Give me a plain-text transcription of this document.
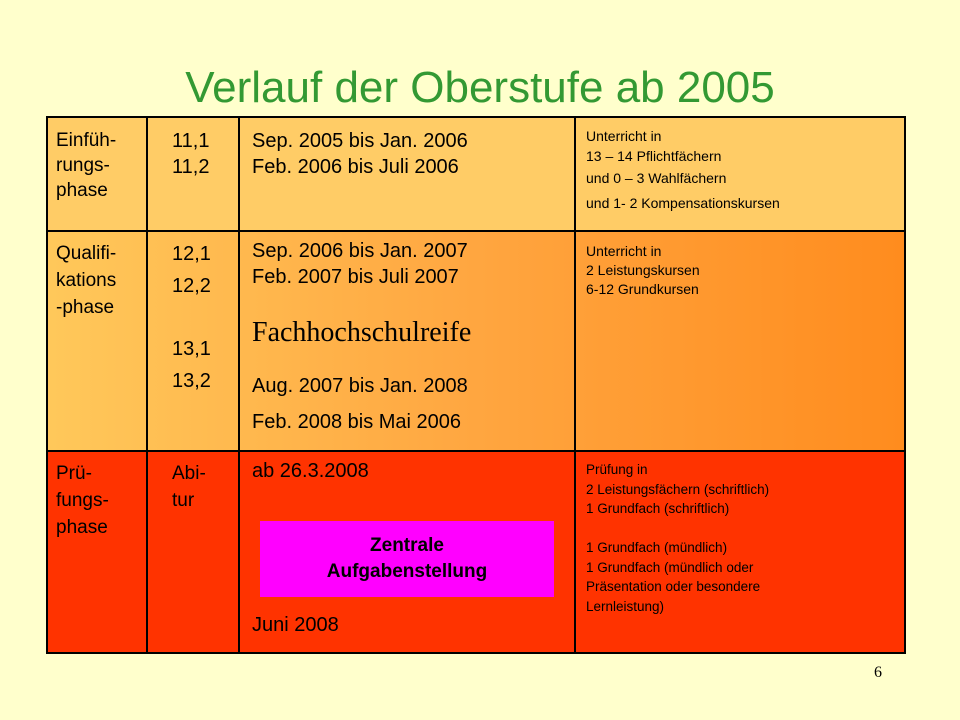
Verlauf der Oberstufe ab 2005
Einfüh-
rungs-
phase
11,1
11,2
Sep. 2005 bis Jan. 2006
Feb. 2006 bis Juli 2006
Unterricht in
13 – 14 Pflichtfächern
und 0 – 3 Wahlfächern
und 1- 2 Kompensationskursen
Qualifi-
kations
-phase
12,1
12,2
13,1
13,2
Sep. 2006 bis Jan. 2007
Feb. 2007 bis Juli 2007
Fachhochschulreife
Aug. 2007 bis Jan. 2008
Feb. 2008 bis Mai 2006
Unterricht in
2 Leistungskursen
6-12 Grundkursen
Prü-
fungs-
phase
Abi-
tur
ab 26.3.2008
Juni 2008
Prüfung in
2 Leistungsfächern (schriftlich)
1 Grundfach (schriftlich)
1 Grundfach (mündlich)
1 Grundfach (mündlich oder
Präsentation oder besondere
Lernleistung)
Zentrale
Aufgabenstellung
6
